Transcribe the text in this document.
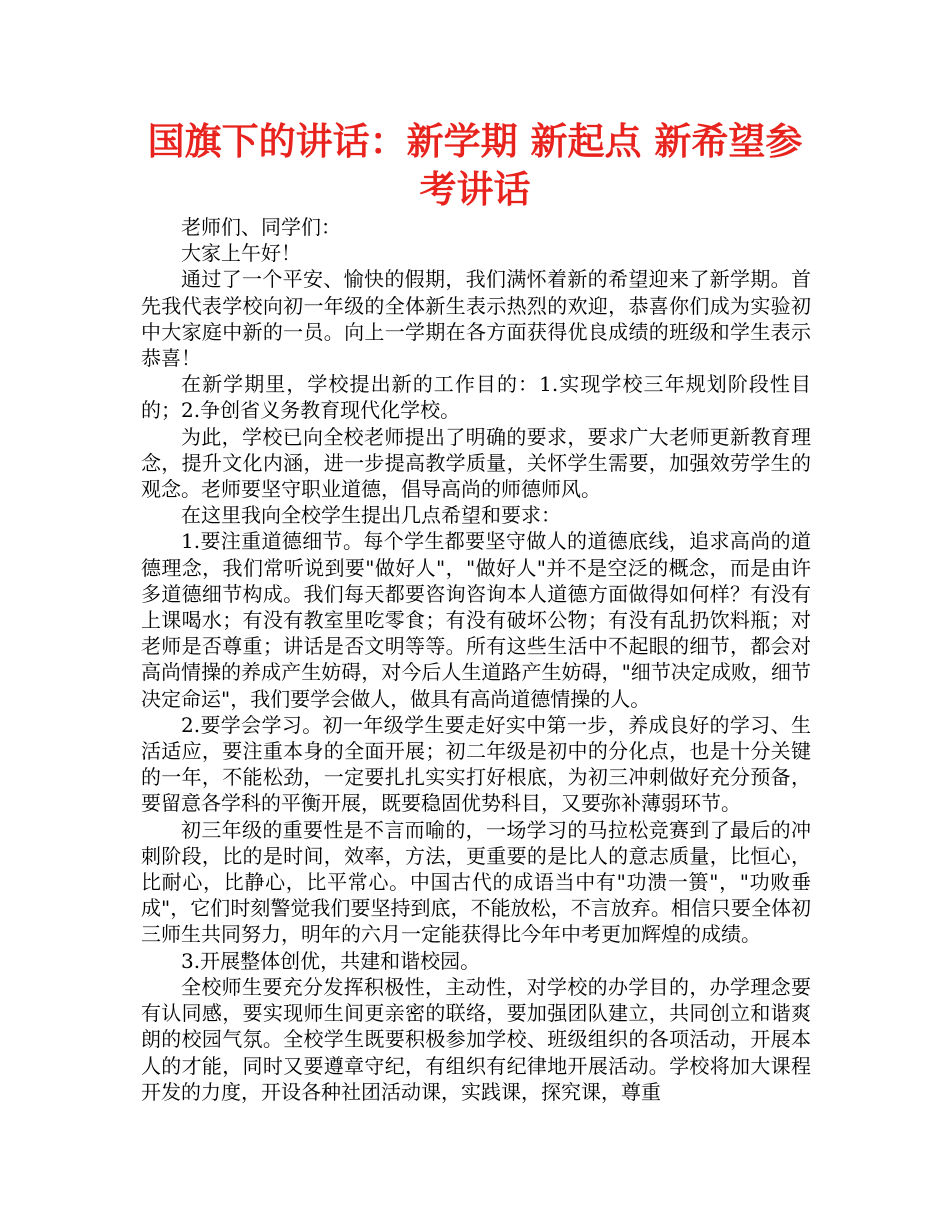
国旗下的讲话：新学期 新起点 新希望参考讲话

老师们、同学们：

大家上午好！

通过了一个平安、愉快的假期，我们满怀着新的希望迎来了新学期。首先我代表学校向初一年级的全体新生表示热烈的欢迎，恭喜你们成为实验初中大家庭中新的一员。向上一学期在各方面获得优良成绩的班级和学生表示恭喜！

在新学期里，学校提出新的工作目的：1.实现学校三年规划阶段性目的；2.争创省义务教育现代化学校。

为此，学校已向全校老师提出了明确的要求，要求广大老师更新教育理念，提升文化内涵，进一步提高教学质量，关怀学生需要，加强效劳学生的观念。老师要坚守职业道德，倡导高尚的师德师风。

在这里我向全校学生提出几点希望和要求：

1.要注重道德细节。每个学生都要坚守做人的道德底线，追求高尚的道德理念，我们常听说到要"做好人"，"做好人"并不是空泛的概念，而是由许多道德细节构成。我们每天都要咨询咨询本人道德方面做得如何样？有没有上课喝水；有没有教室里吃零食；有没有破坏公物；有没有乱扔饮料瓶；对老师是否尊重；讲话是否文明等等。所有这些生活中不起眼的细节，都会对高尚情操的养成产生妨碍，对今后人生道路产生妨碍，"细节决定成败，细节决定命运"，我们要学会做人，做具有高尚道德情操的人。

2.要学会学习。初一年级学生要走好实中第一步，养成良好的学习、生活适应，要注重本身的全面开展；初二年级是初中的分化点，也是十分关键的一年，不能松劲，一定要扎扎实实打好根底，为初三冲刺做好充分预备，要留意各学科的平衡开展，既要稳固优势科目，又要弥补薄弱环节。

初三年级的重要性是不言而喻的，一场学习的马拉松竞赛到了最后的冲刺阶段，比的是时间，效率，方法，更重要的是比人的意志质量，比恒心，比耐心，比静心，比平常心。中国古代的成语当中有"功溃一篑"，"功败垂成"，它们时刻警觉我们要坚持到底，不能放松，不言放弃。相信只要全体初三师生共同努力，明年的六月一定能获得比今年中考更加辉煌的成绩。

3.开展整体创优，共建和谐校园。

全校师生要充分发挥积极性，主动性，对学校的办学目的，办学理念要有认同感，要实现师生间更亲密的联络，要加强团队建立，共同创立和谐爽朗的校园气氛。全校学生既要积极参加学校、班级组织的各项活动，开展本人的才能，同时又要遵章守纪，有组织有纪律地开展活动。学校将加大课程开发的力度，开设各种社团活动课，实践课，探究课，尊重
